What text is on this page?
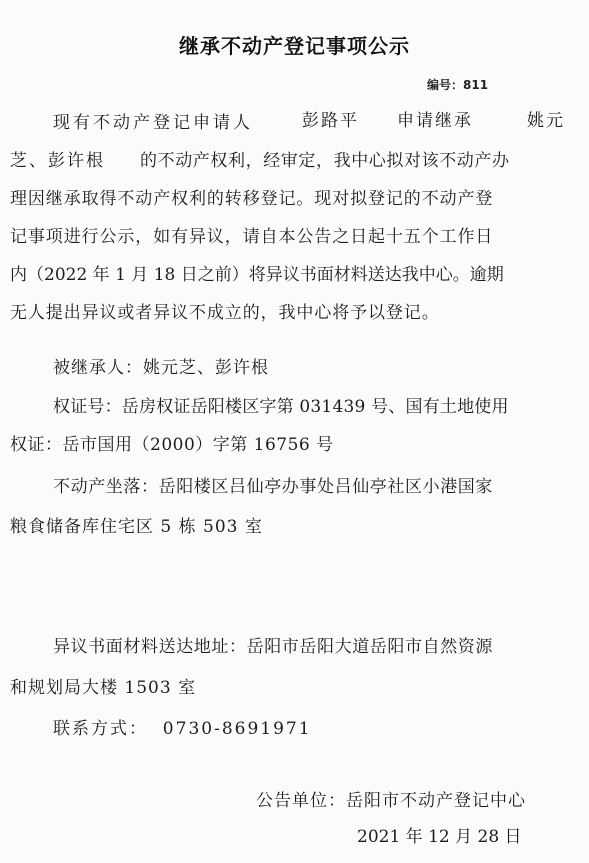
继承不动产登记事项公示
编号：811
现有不动产登记申请人	彭路平 申请继承	姚元
芝、彭许根 的不动产权利，经审定，我中心拟对该不动产办
理因继承取得不动产权利的转移登记。现对拟登记的不动产登
记事项进行公示，如有异议，请自本公告之日起十五个工作日
内（2022 年 1 月 18 日之前）将异议书面材料送达我中心。逾期
无人提出异议或者异议不成立的，我中心将予以登记。
被继承人：姚元芝、彭许根
权证号：岳房权证岳阳楼区字第 031439 号、国有土地使用
权证：岳市国用（2000）字第 16756 号
不动产坐落：岳阳楼区吕仙亭办事处吕仙亭社区小港国家
粮食储备库住宅区 5 栋 503 室
异议书面材料送达地址：岳阳市岳阳大道岳阳市自然资源
和规划局大楼 1503 室
联系方式：  0730-8691971
公告单位：岳阳市不动产登记中心
2021 年 12 月 28 日
